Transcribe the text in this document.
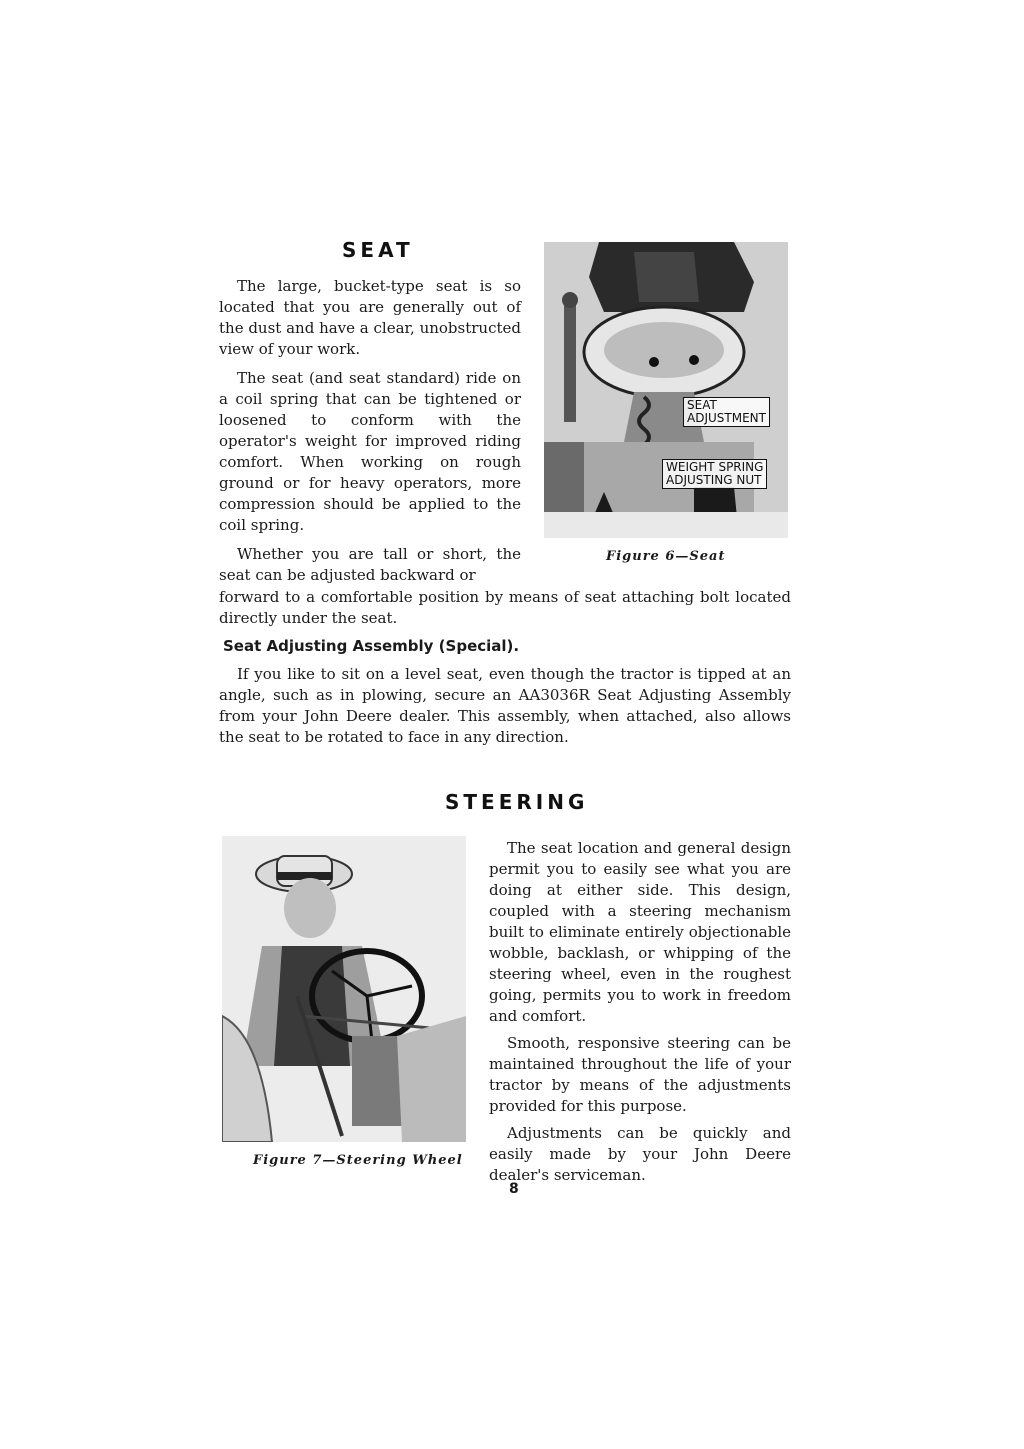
SEAT

The large, bucket-type seat is so located that you are generally out of the dust and have a clear, unobstructed view of your work.

The seat (and seat standard) ride on a coil spring that can be tightened or loosened to conform with the operator's weight for improved riding comfort. When working on rough ground or for heavy operators, more compression should be applied to the coil spring.

Whether you are tall or short, the seat can be adjusted backward or

SEAT
ADJUSTMENT
WEIGHT SPRING
ADJUSTING NUT
Figure 6—Seat

forward to a comfortable position by means of seat attaching bolt located directly under the seat.

Seat Adjusting Assembly (Special).

If you like to sit on a level seat, even though the tractor is tipped at an angle, such as in plowing, secure an AA3036R Seat Adjusting Assembly from your John Deere dealer. This assembly, when attached, also allows the seat to be rotated to face in any direction.

STEERING
Figure 7—Steering Wheel

The seat location and general design permit you to easily see what you are doing at either side. This design, coupled with a steering mechanism built to eliminate entirely objectionable wobble, backlash, or whipping of the steering wheel, even in the roughest going, permits you to work in freedom and comfort.

Smooth, responsive steering can be maintained throughout the life of your tractor by means of the adjustments provided for this purpose.

Adjustments can be quickly and easily made by your John Deere dealer's serviceman.

8
